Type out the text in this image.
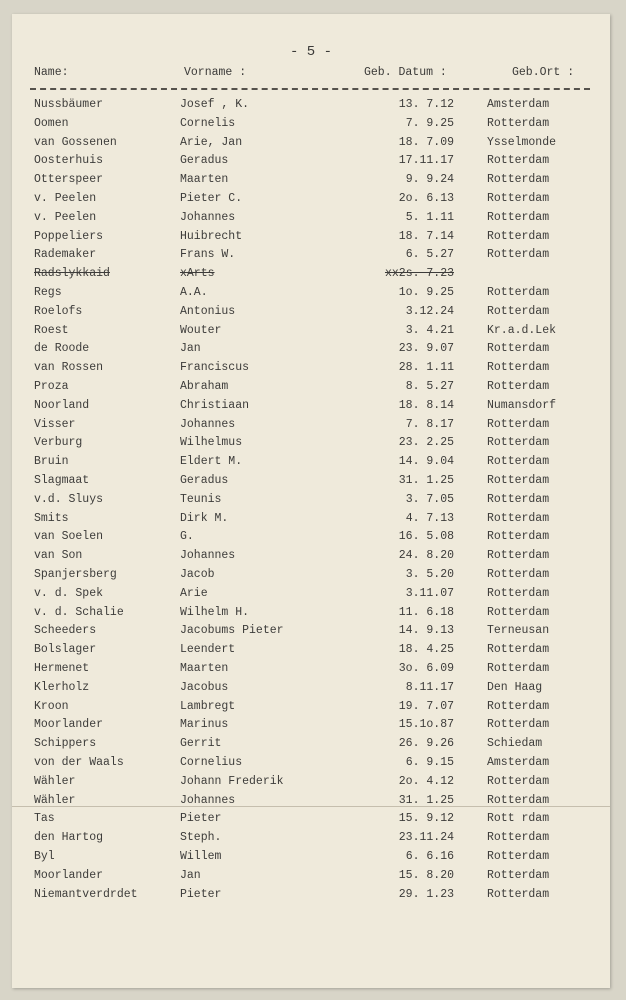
- 5 -
Name:	Vorname :	Geb. Datum :	Geb.Ort :
Nussbäumer	Josef , K.	13. 7.12	Amsterdam
Oomen	Cornelis	7. 9.25	Rotterdam
van Gossenen	Arie, Jan	18. 7.09	Ysselmonde
Oosterhuis	Geradus	17.11.17	Rotterdam
Otterspeer	Maarten	9. 9.24	Rotterdam
v. Peelen	Pieter C.	2o. 6.13	Rotterdam
v. Peelen	Johannes	5. 1.11	Rotterdam
Poppeliers	Huibrecht	18. 7.14	Rotterdam
Rademaker	Frans W.	6. 5.27	Rotterdam
Radslykkaid	xArts	xx2s. 7.23
Regs	A.A.	1o. 9.25	Rotterdam
Roelofs	Antonius	3.12.24	Rotterdam
Roest	Wouter	3. 4.21	Kr.a.d.Lek
de Roode	Jan	23. 9.07	Rotterdam
van Rossen	Franciscus	28. 1.11	Rotterdam
Proza	Abraham	8. 5.27	Rotterdam
Noorland	Christiaan	18. 8.14	Numansdorf
Visser	Johannes	7. 8.17	Rotterdam
Verburg	Wilhelmus	23. 2.25	Rotterdam
Bruin	Eldert M.	14. 9.04	Rotterdam
Slagmaat	Geradus	31. 1.25	Rotterdam
v.d. Sluys	Teunis	3. 7.05	Rotterdam
Smits	Dirk M.	4. 7.13	Rotterdam
van Soelen	G.	16. 5.08	Rotterdam
van Son	Johannes	24. 8.20	Rotterdam
Spanjersberg	Jacob	3. 5.20	Rotterdam
v. d. Spek	Arie	3.11.07	Rotterdam
v. d. Schalie	Wilhelm H.	11. 6.18	Rotterdam
Scheeders	Jacobums Pieter	14. 9.13	Terneusan
Bolslager	Leendert	18. 4.25	Rotterdam
Hermenet	Maarten	3o. 6.09	Rotterdam
Klerholz	Jacobus	8.11.17	Den Haag
Kroon	Lambregt	19. 7.07	Rotterdam
Moorlander	Marinus	15.1o.87	Rotterdam
Schippers	Gerrit	26. 9.26	Schiedam
von der Waals	Cornelius	6. 9.15	Amsterdam
Wähler	Johann Frederik	2o. 4.12	Rotterdam
Wähler	Johannes	31. 1.25	Rotterdam
Tas	Pieter	15. 9.12	Rott rdam
den Hartog	Steph.	23.11.24	Rotterdam
Byl	Willem	6. 6.16	Rotterdam
Moorlander	Jan	15. 8.20	Rotterdam
Niemantverdrdet	Pieter	29. 1.23	Rotterdam
